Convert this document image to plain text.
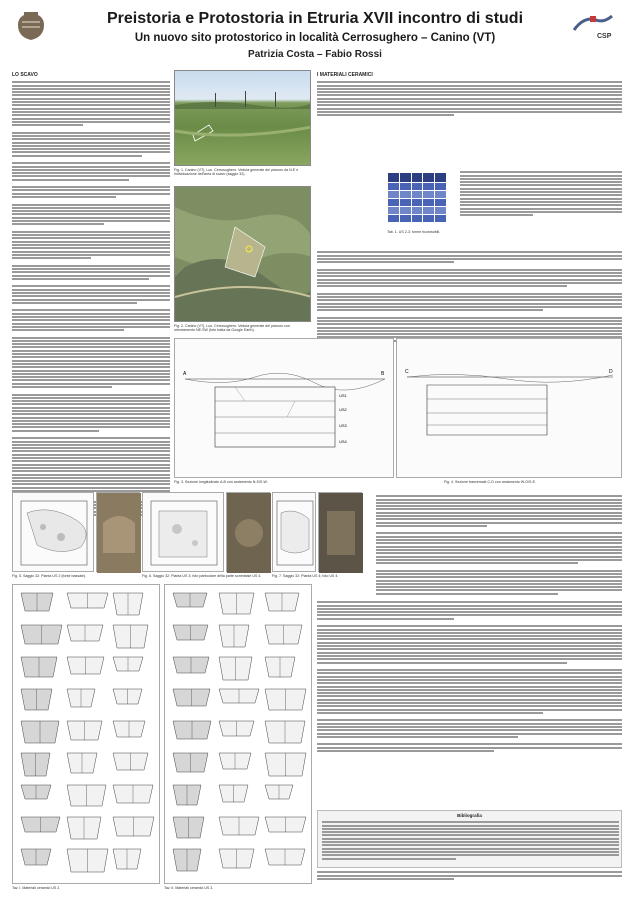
Preistoria e Protostoria in Etruria XVII incontro di studi
Un nuovo sito protostorico in località Cerrosughero – Canino (VT)
Patrizia Costa – Fabio Rossi
CSP
LO SCAVO
Fig. 1. Canino (VT), Loc. Cerrosughero. Veduta generale del pianoro da N-E e individuazione dell'area di scavo (saggio 32).
Fig. 2. Canino (VT), Loc. Cerrosughero. Veduta generale del pianoro con orientamento NE-SW (foto tratta da Google Earth).
I MATERIALI CERAMICI

Tab. 1. US 2-3: forme ricostruibili.
A	B
US1
US2
US3
US4
Fig. 3. Sezione longitudinale A-B con andamento N-S/S-W.
C	D
Fig. 4. Sezione trasversale C-D con andamento W-O/S-E.
Fig. 5. Saggio 32: Pianta US 2 (fonte bassale).	Fig. 6. Saggio 32: Pianta US 3; foto particolare della parte sommitale US 4.	Fig. 7. Saggio 32: Pianta US 4; foto US 4.
Tav. I. Materiali ceramici US 2.	Tav. II. Materiali ceramici US 3.
Bibliografia
